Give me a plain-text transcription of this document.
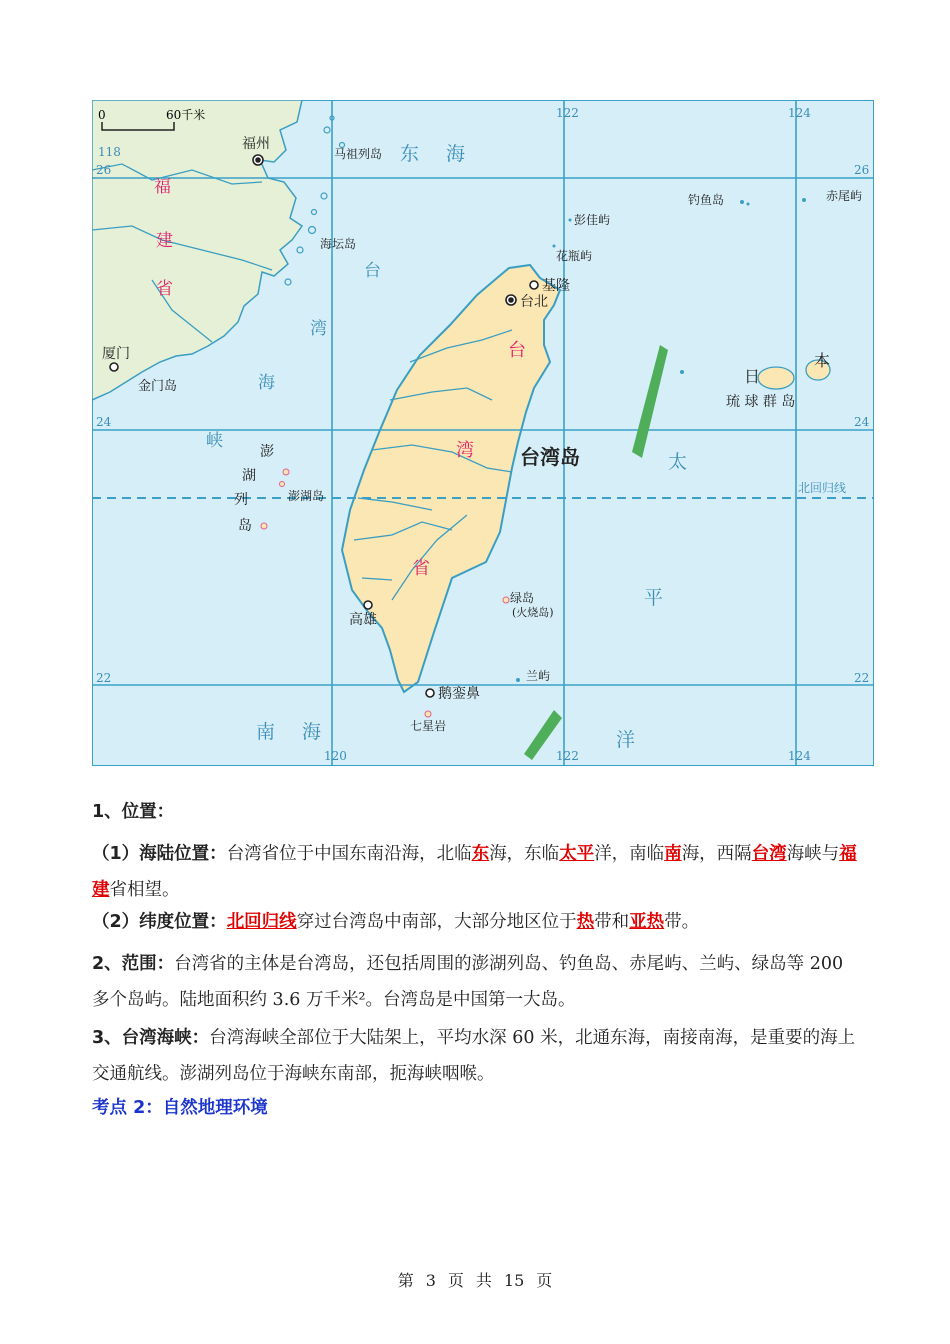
0	60千米
118
120
122
122
124
124
26	26
24	24
22	22
北回归线
福州
台北
基隆
厦门
高雄
鹅銮鼻
马祖列岛
海坛岛
金门岛
彭佳屿
花瓶屿
钓鱼岛	赤尾屿
澎湖岛
绿岛
(火烧岛)
兰屿
七星岩
澎
湖
列
岛
台湾岛
日
本
琉 球 群 岛
福
建
省
台
湾
省
台
湾
海
峡
东 海
南 海
太
平
洋
1、位置：
（1）海陆位置：台湾省位于中国东南沿海，北临东海，东临太平洋，南临南海，西隔台湾海峡与福建省相望。
（2）纬度位置：北回归线穿过台湾岛中南部，大部分地区位于热带和亚热带。
2、范围：台湾省的主体是台湾岛，还包括周围的澎湖列岛、钓鱼岛、赤尾屿、兰屿、绿岛等 200 多个岛屿。陆地面积约 3.6 万千米²。台湾岛是中国第一大岛。
3、台湾海峡：台湾海峡全部位于大陆架上，平均水深 60 米，北通东海，南接南海，是重要的海上交通航线。澎湖列岛位于海峡东南部，扼海峡咽喉。
考点 2：自然地理环境
第 3 页 共 15 页
